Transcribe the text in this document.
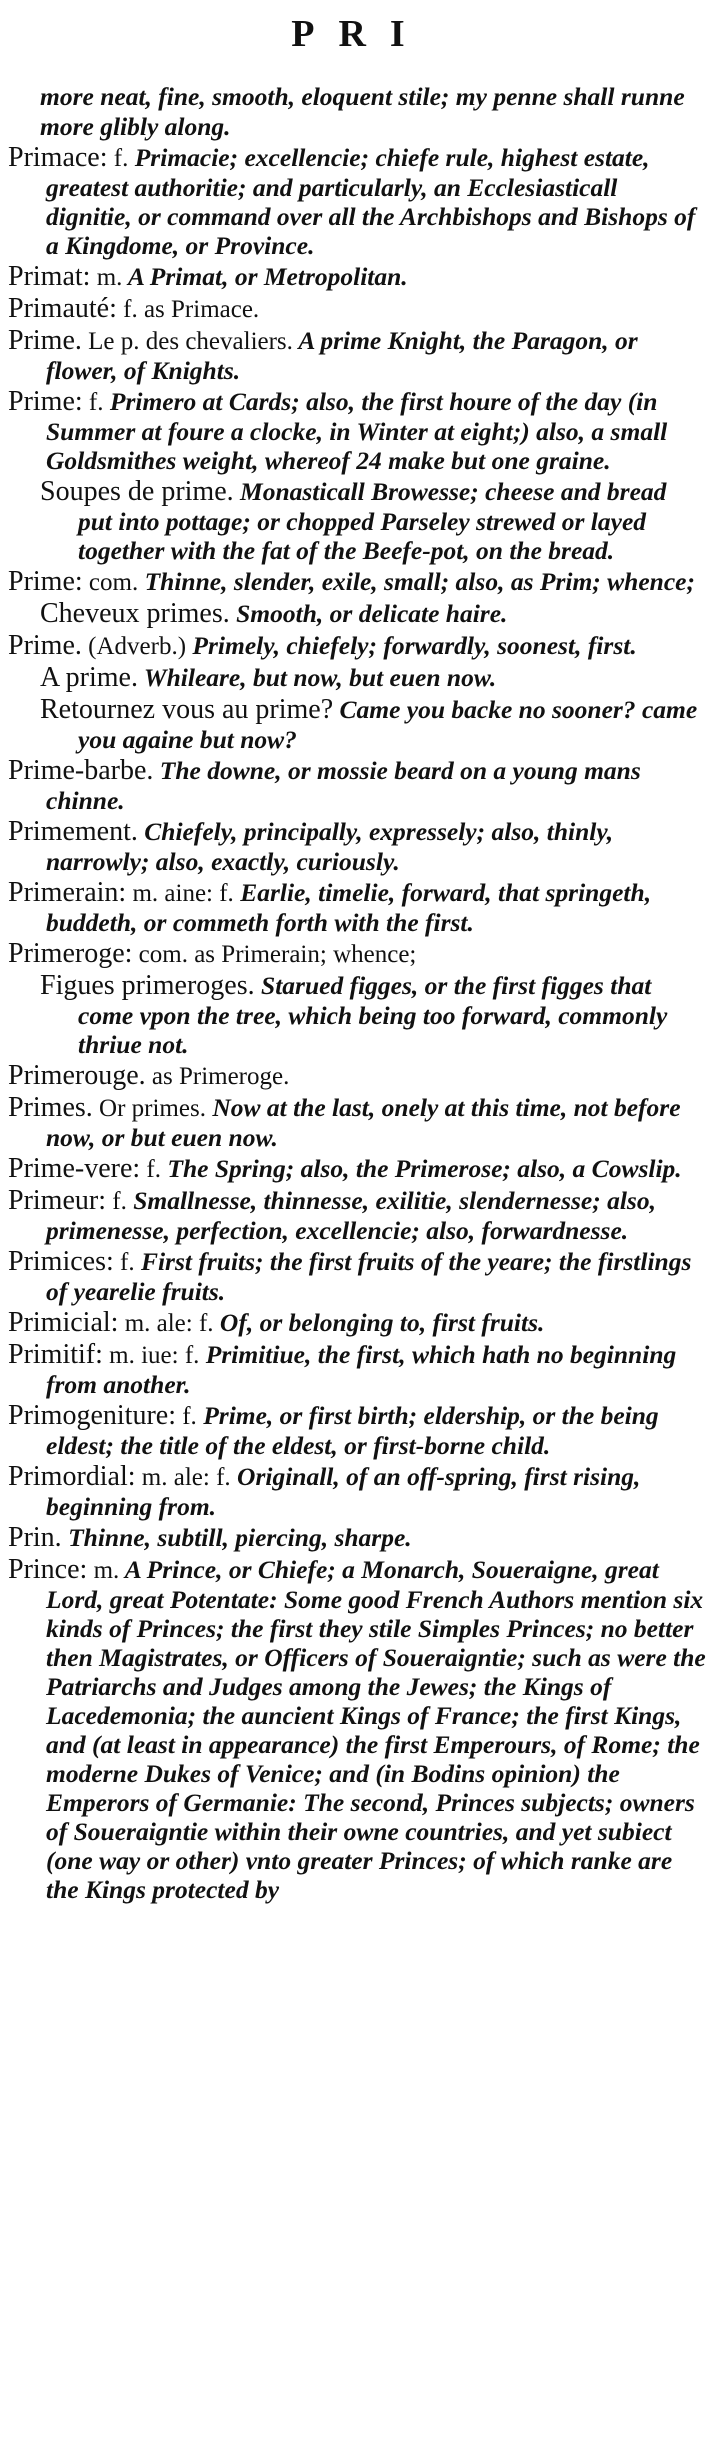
PRI

more neat, fine, smooth, eloquent stile; my penne shall runne more glibly along.

Primace: f. Primacie; excellencie; chiefe rule, highest estate, greatest authoritie; and particularly, an Ecclesiasticall dignitie, or command over all the Archbishops and Bishops of a Kingdome, or Province.

Primat: m. A Primat, or Metropolitan.

Primauté: f. as Primace.

Prime. Le p. des chevaliers. A prime Knight, the Paragon, or flower, of Knights.

Prime: f. Primero at Cards; also, the first houre of the day (in Summer at foure a clocke, in Winter at eight;) also, a small Goldsmithes weight, whereof 24 make but one graine.

Soupes de prime. Monasticall Browesse; cheese and bread put into pottage; or chopped Parseley strewed or layed together with the fat of the Beefe-pot, on the bread.

Prime: com. Thinne, slender, exile, small; also, as Prim; whence;

Cheveux primes. Smooth, or delicate haire.

Prime. (Adverb.) Primely, chiefely; forwardly, soonest, first.

A prime. Whileare, but now, but euen now.

Retournez vous au prime? Came you backe no sooner? came you againe but now?

Prime-barbe. The downe, or mossie beard on a young mans chinne.

Primement. Chiefely, principally, expressely; also, thinly, narrowly; also, exactly, curiously.

Primerain: m. aine: f. Earlie, timelie, forward, that springeth, buddeth, or commeth forth with the first.

Primeroge: com. as Primerain; whence;

Figues primeroges. Starued figges, or the first figges that come vpon the tree, which being too forward, commonly thriue not.

Primerouge. as Primeroge.

Primes. Or primes. Now at the last, onely at this time, not before now, or but euen now.

Prime-vere: f. The Spring; also, the Primerose; also, a Cowslip.

Primeur: f. Smallnesse, thinnesse, exilitie, slendernesse; also, primenesse, perfection, excellencie; also, forwardnesse.

Primices: f. First fruits; the first fruits of the yeare; the firstlings of yearelie fruits.

Primicial: m. ale: f. Of, or belonging to, first fruits.

Primitif: m. iue: f. Primitiue, the first, which hath no beginning from another.

Primogeniture: f. Prime, or first birth; eldership, or the being eldest; the title of the eldest, or first-borne child.

Primordial: m. ale: f. Originall, of an off-spring, first rising, beginning from.

Prin. Thinne, subtill, piercing, sharpe.

Prince: m. A Prince, or Chiefe; a Monarch, Soueraigne, great Lord, great Potentate: Some good French Authors mention six kinds of Princes; the first they stile Simples Princes; no better then Magistrates, or Officers of Soueraigntie; such as were the Patriarchs and Judges among the Jewes; the Kings of Lacedemonia; the auncient Kings of France; the first Kings, and (at least in appearance) the first Emperours, of Rome; the moderne Dukes of Venice; and (in Bodins opinion) the Emperors of Germanie: The second, Princes subjects; owners of Soueraigntie within their owne countries, and yet subiect (one way or other) vnto greater Princes; of which ranke are the Kings protected by
